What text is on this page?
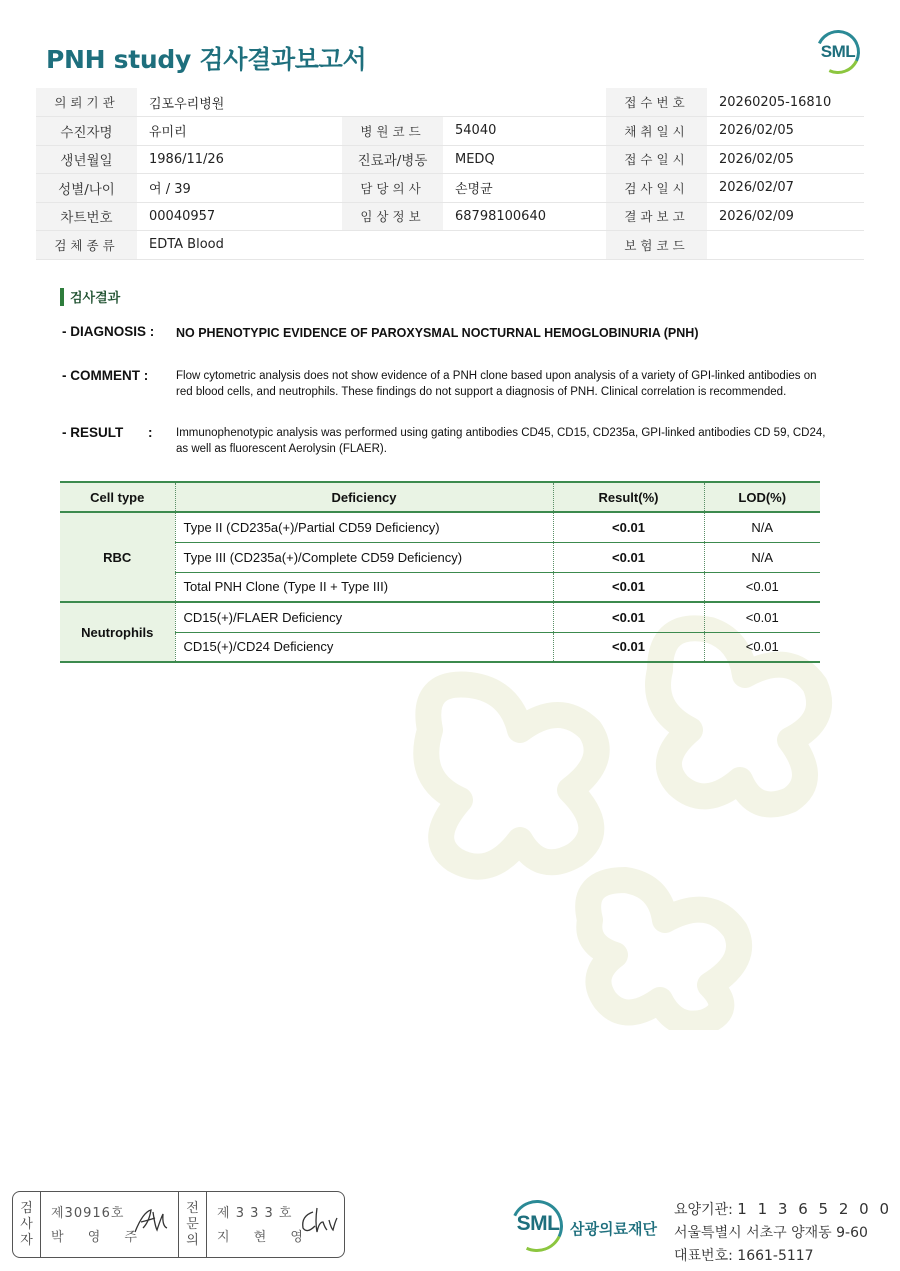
PNH study 검사결과보고서	SML
의뢰기관	김포우리병원			접수번호	20260205-16810
수진자명	유미리	병원코드	54040	채취일시	2026/02/05
생년월일	1986/11/26	진료과/병동	MEDQ	접수일시	2026/02/05
성별/나이	여 / 39	담당의사	손명균	검사일시	2026/02/07
차트번호	00040957	임상정보	68798100640	결과보고	2026/02/09
검체종류	EDTA Blood			보험코드	
검사결과
- DIAGNOSIS : NO PHENOTYPIC EVIDENCE OF PAROXYSMAL NOCTURNAL HEMOGLOBINURIA (PNH)
- COMMENT : Flow cytometric analysis does not show evidence of a PNH clone based upon analysis of a variety of GPI-linked antibodies on red blood cells, and neutrophils. These findings do not support a diagnosis of PNH. Clinical correlation is recommended.
- RESULT : Immunophenotypic analysis was performed using gating antibodies CD45, CD15, CD235a, GPI-linked antibodies CD 59, CD24, as well as fluorescent Aerolysin (FLAER).
Cell type	Deficiency	Result(%)	LOD(%)
RBC	Type II (CD235a(+)/Partial CD59 Deficiency)	<0.01	N/A
	Type III (CD235a(+)/Complete CD59 Deficiency)	<0.01	N/A
	Total PNH Clone (Type II + Type III)	<0.01	<0.01
Neutrophils	CD15(+)/FLAER Deficiency	<0.01	<0.01
	CD15(+)/CD24 Deficiency	<0.01	<0.01
검
사
자
제30916호
박 영 주
전
문
의
제 3 3 3 호
지 현 영
SML 삼광의료재단
요양기관: 1 1 3 6 5 2 0 0
서울특별시 서초구 양재동 9-60
대표번호: 1661-5117
